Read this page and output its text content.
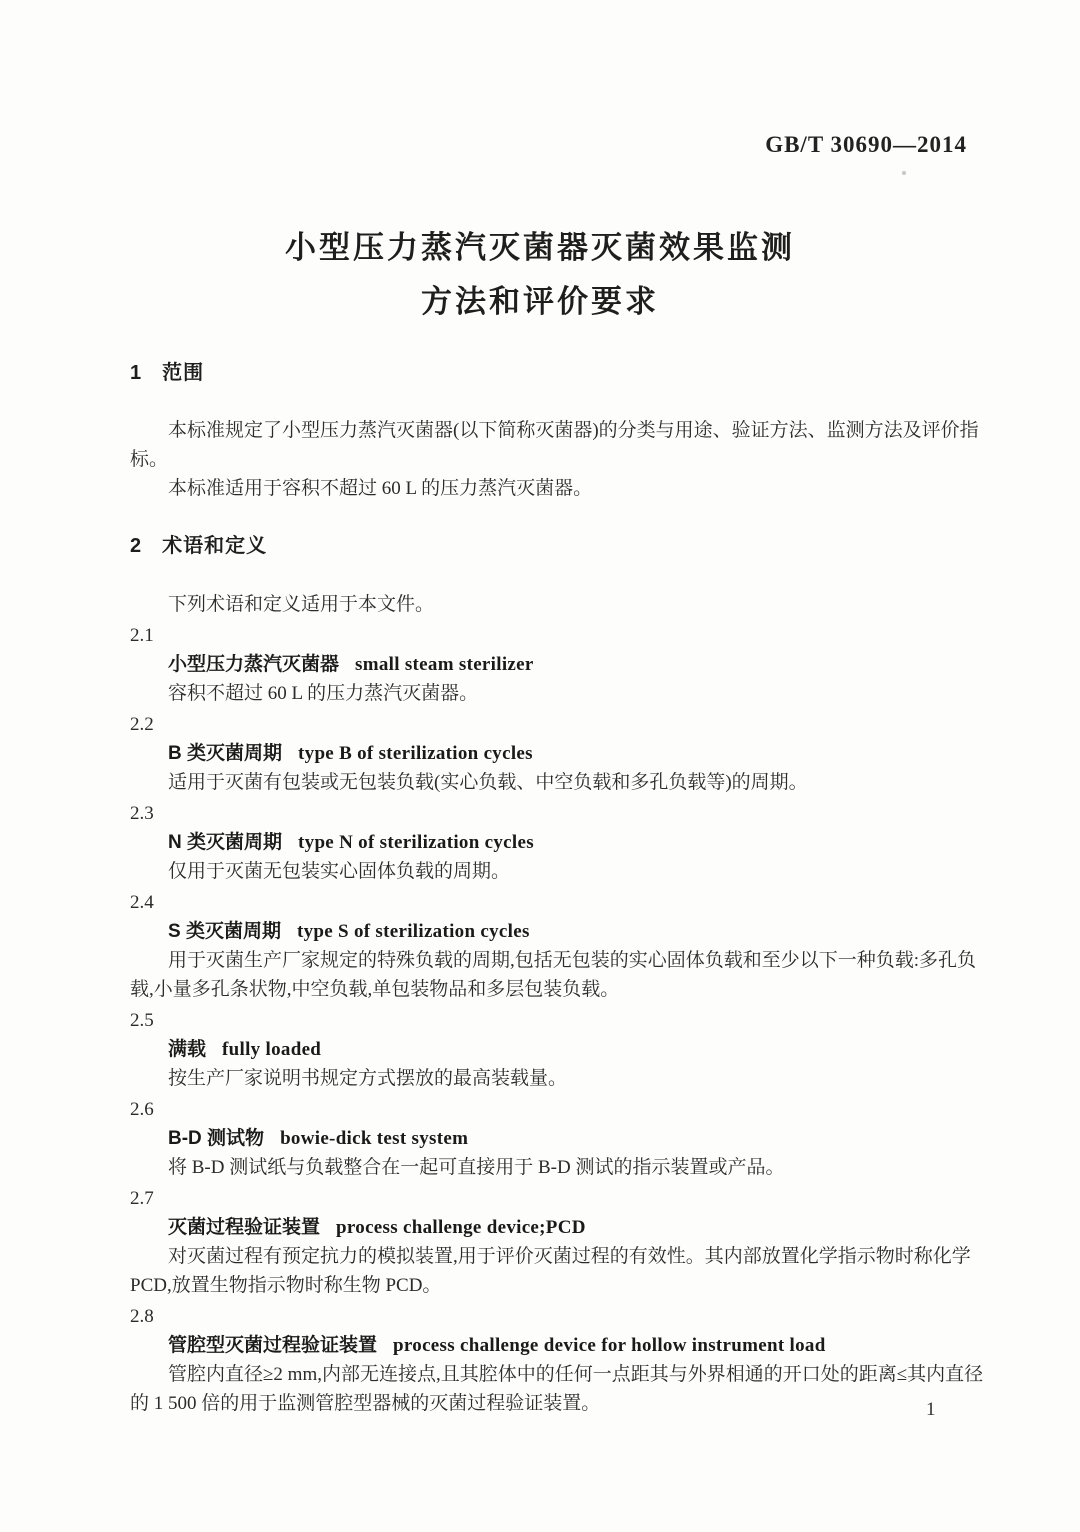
GB/T 30690—2014
小型压力蒸汽灭菌器灭菌效果监测
方法和评价要求
1 范围

本标准规定了小型压力蒸汽灭菌器(以下简称灭菌器)的分类与用途、验证方法、监测方法及评价指标。

本标准适用于容积不超过 60 L 的压力蒸汽灭菌器。

2 术语和定义

下列术语和定义适用于本文件。

2.1
小型压力蒸汽灭菌器 small steam sterilizer

容积不超过 60 L 的压力蒸汽灭菌器。

2.2
B 类灭菌周期 type B of sterilization cycles

适用于灭菌有包装或无包装负载(实心负载、中空负载和多孔负载等)的周期。

2.3
N 类灭菌周期 type N of sterilization cycles

仅用于灭菌无包装实心固体负载的周期。

2.4
S 类灭菌周期 type S of sterilization cycles

用于灭菌生产厂家规定的特殊负载的周期,包括无包装的实心固体负载和至少以下一种负载:多孔负载,小量多孔条状物,中空负载,单包装物品和多层包装负载。

2.5
满载 fully loaded

按生产厂家说明书规定方式摆放的最高装载量。

2.6
B-D 测试物 bowie-dick test system

将 B-D 测试纸与负载整合在一起可直接用于 B-D 测试的指示装置或产品。

2.7
灭菌过程验证装置 process challenge device;PCD

对灭菌过程有预定抗力的模拟装置,用于评价灭菌过程的有效性。其内部放置化学指示物时称化学 PCD,放置生物指示物时称生物 PCD。

2.8
管腔型灭菌过程验证装置 process challenge device for hollow instrument load

管腔内直径≥2 mm,内部无连接点,且其腔体中的任何一点距其与外界相通的开口处的距离≤其内直径的 1 500 倍的用于监测管腔型器械的灭菌过程验证装置。	1
